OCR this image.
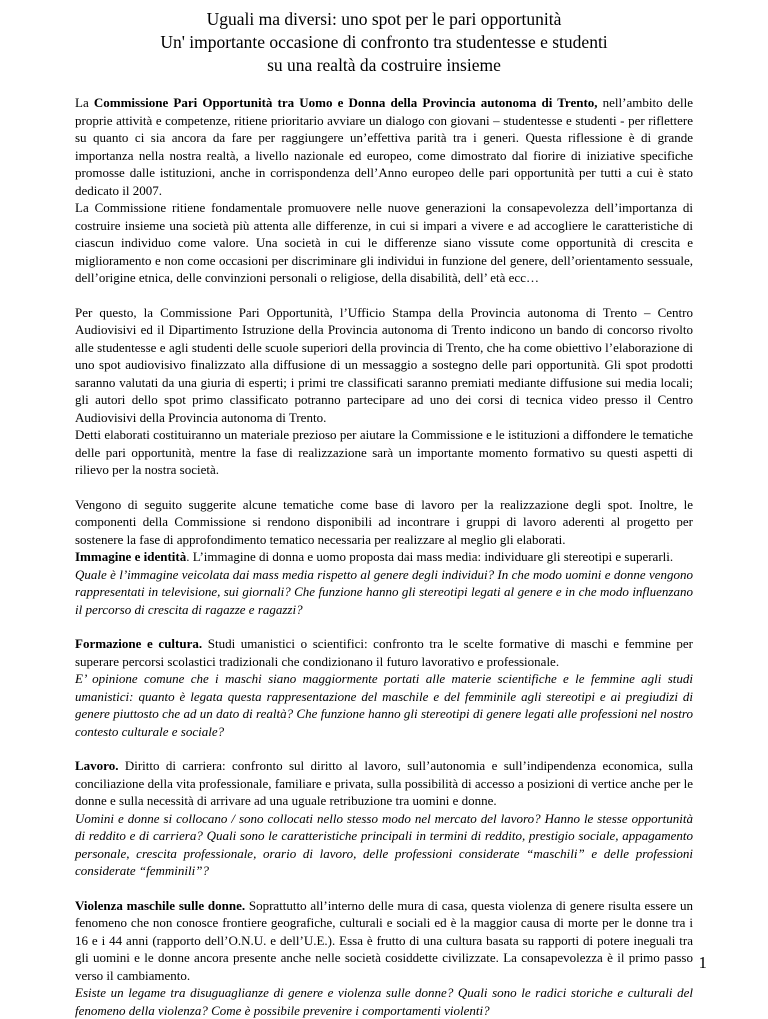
Uguali ma diversi: uno spot per le pari opportunità
Un' importante occasione di confronto tra studentesse e studenti
su una realtà da costruire insieme

La Commissione Pari Opportunità tra Uomo e Donna della Provincia autonoma di Trento, nell’ambito delle proprie attività e competenze, ritiene prioritario avviare un dialogo con giovani – studentesse e studenti - per riflettere su quanto ci sia ancora da fare per raggiungere un’effettiva parità tra i generi. Questa riflessione è di grande importanza nella nostra realtà, a livello nazionale ed europeo, come dimostrato dal fiorire di iniziative specifiche promosse dalle istituzioni, anche in corrispondenza dell’Anno europeo delle pari opportunità per tutti a cui è stato dedicato il 2007.

La Commissione ritiene fondamentale promuovere nelle nuove generazioni la consapevolezza dell’importanza di costruire insieme una società più attenta alle differenze, in cui si impari a vivere e ad accogliere le caratteristiche di ciascun individuo come valore. Una società in cui le differenze siano vissute come opportunità di crescita e miglioramento e non come occasioni per discriminare gli individui in funzione del genere, dell’orientamento sessuale, dell’origine etnica, delle convinzioni personali o religiose, della disabilità, dell’ età ecc…

Per questo, la Commissione Pari Opportunità, l’Ufficio Stampa della Provincia autonoma di Trento – Centro Audiovisivi ed il Dipartimento Istruzione della Provincia autonoma di Trento indicono un bando di concorso rivolto alle studentesse e agli studenti delle scuole superiori della provincia di Trento, che ha come obiettivo l’elaborazione di uno spot audiovisivo finalizzato alla diffusione di un messaggio a sostegno delle pari opportunità. Gli spot prodotti saranno valutati da una giuria di esperti; i primi tre classificati saranno premiati mediante diffusione sui media locali; gli autori dello spot primo classificato potranno partecipare ad uno dei corsi di tecnica video presso il Centro Audiovisivi della Provincia autonoma di Trento.

Detti elaborati costituiranno un materiale prezioso per aiutare la Commissione e le istituzioni a diffondere le tematiche delle pari opportunità, mentre la fase di realizzazione sarà un importante momento formativo su questi aspetti di rilievo per la nostra società.

Vengono di seguito suggerite alcune tematiche come base di lavoro per la realizzazione degli spot. Inoltre, le componenti della Commissione si rendono disponibili ad incontrare i gruppi di lavoro aderenti al progetto per sostenere la fase di approfondimento tematico necessaria per realizzare al meglio gli elaborati.

Immagine e identità. L’immagine di donna e uomo proposta dai mass media: individuare gli stereotipi e superarli.

Quale è l’immagine veicolata dai mass media rispetto al genere degli individui? In che modo uomini e donne vengono rappresentati in televisione, sui giornali? Che funzione hanno gli stereotipi legati al genere e in che modo influenzano il percorso di crescita di ragazze e ragazzi?

Formazione e cultura. Studi umanistici o scientifici: confronto tra le scelte formative di maschi e femmine per superare percorsi scolastici tradizionali che condizionano il futuro lavorativo e professionale.

E’ opinione comune che i maschi siano maggiormente portati alle materie scientifiche e le femmine agli studi umanistici: quanto è legata questa rappresentazione del maschile e del femminile agli stereotipi e ai pregiudizi di genere piuttosto che ad un dato di realtà? Che funzione hanno gli stereotipi di genere legati alle professioni nel nostro contesto culturale e sociale?

Lavoro. Diritto di carriera: confronto sul diritto al lavoro, sull’autonomia e sull’indipendenza economica, sulla conciliazione della vita professionale, familiare e privata, sulla possibilità di accesso a posizioni di vertice anche per le donne e sulla necessità di arrivare ad una uguale retribuzione tra uomini e donne.

Uomini e donne si collocano / sono collocati nello stesso modo nel mercato del lavoro? Hanno le stesse opportunità di reddito e di carriera? Quali sono le caratteristiche principali in termini di reddito, prestigio sociale, appagamento personale, crescita professionale, orario di lavoro, delle professioni considerate “maschili” e delle professioni considerate “femminili”?

Violenza maschile sulle donne. Soprattutto all’interno delle mura di casa, questa violenza di genere risulta essere un fenomeno che non conosce frontiere geografiche, culturali e sociali ed è la maggior causa di morte per le donne tra i 16 e i 44 anni (rapporto dell’O.N.U. e dell’U.E.). Essa è frutto di una cultura basata su rapporti di potere ineguali tra gli uomini e le donne ancora presente anche nelle società cosiddette civilizzate. La consapevolezza è il primo passo verso il cambiamento.

Esiste un legame tra disuguaglianze di genere e violenza sulle donne? Quali sono le radici storiche e culturali del fenomeno della violenza? Come è possibile prevenire i comportamenti violenti?

1
